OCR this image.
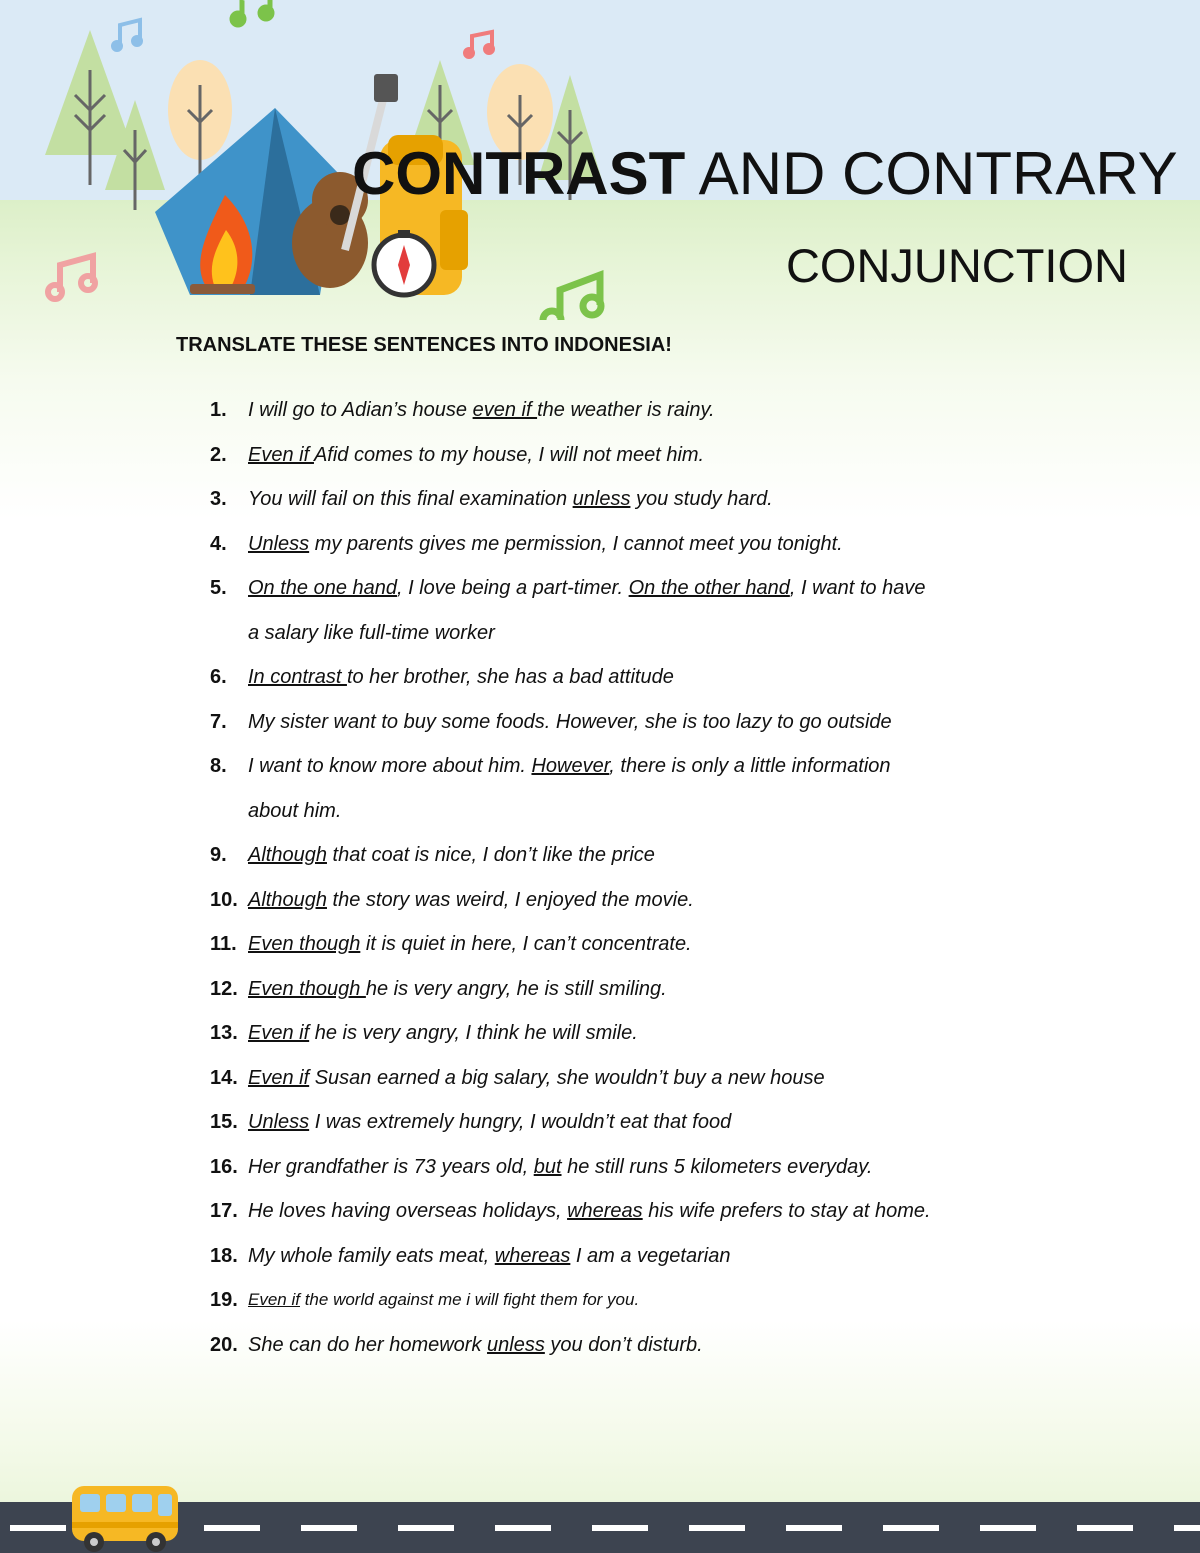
CONTRAST AND CONTRARY
CONJUNCTION
TRANSLATE THESE SENTENCES INTO INDONESIA!
1. I will go to Adian’s house even if the weather is rainy.
2. Even if Afid comes to my house, I will not meet him.
3. You will fail on this final examination unless you study hard.
4. Unless my parents gives me permission, I cannot meet you tonight.
5. On the one hand, I love being a part-timer. On the other hand, I want to have
a salary like full-time worker
6. In contrast to her brother, she has a bad attitude
7. My sister want to buy some foods. However, she is too lazy to go outside
8. I want to know more about him. However, there is only a little information
about him.
9. Although that coat is nice, I don’t like the price
10. Although the story was weird, I enjoyed the movie.
11. Even though it is quiet in here, I can’t concentrate.
12. Even though he is very angry, he is still smiling.
13. Even if he is very angry, I think he will smile.
14. Even if Susan earned a big salary, she wouldn’t buy a new house
15. Unless I was extremely hungry, I wouldn’t eat that food
16. Her grandfather is 73 years old, but he still runs 5 kilometers everyday.
17. He loves having overseas holidays, whereas his wife prefers to stay at home.
18. My whole family eats meat, whereas I am a vegetarian
19. Even if the world against me i will fight them for you.
20. She can do her homework unless you don’t disturb.
